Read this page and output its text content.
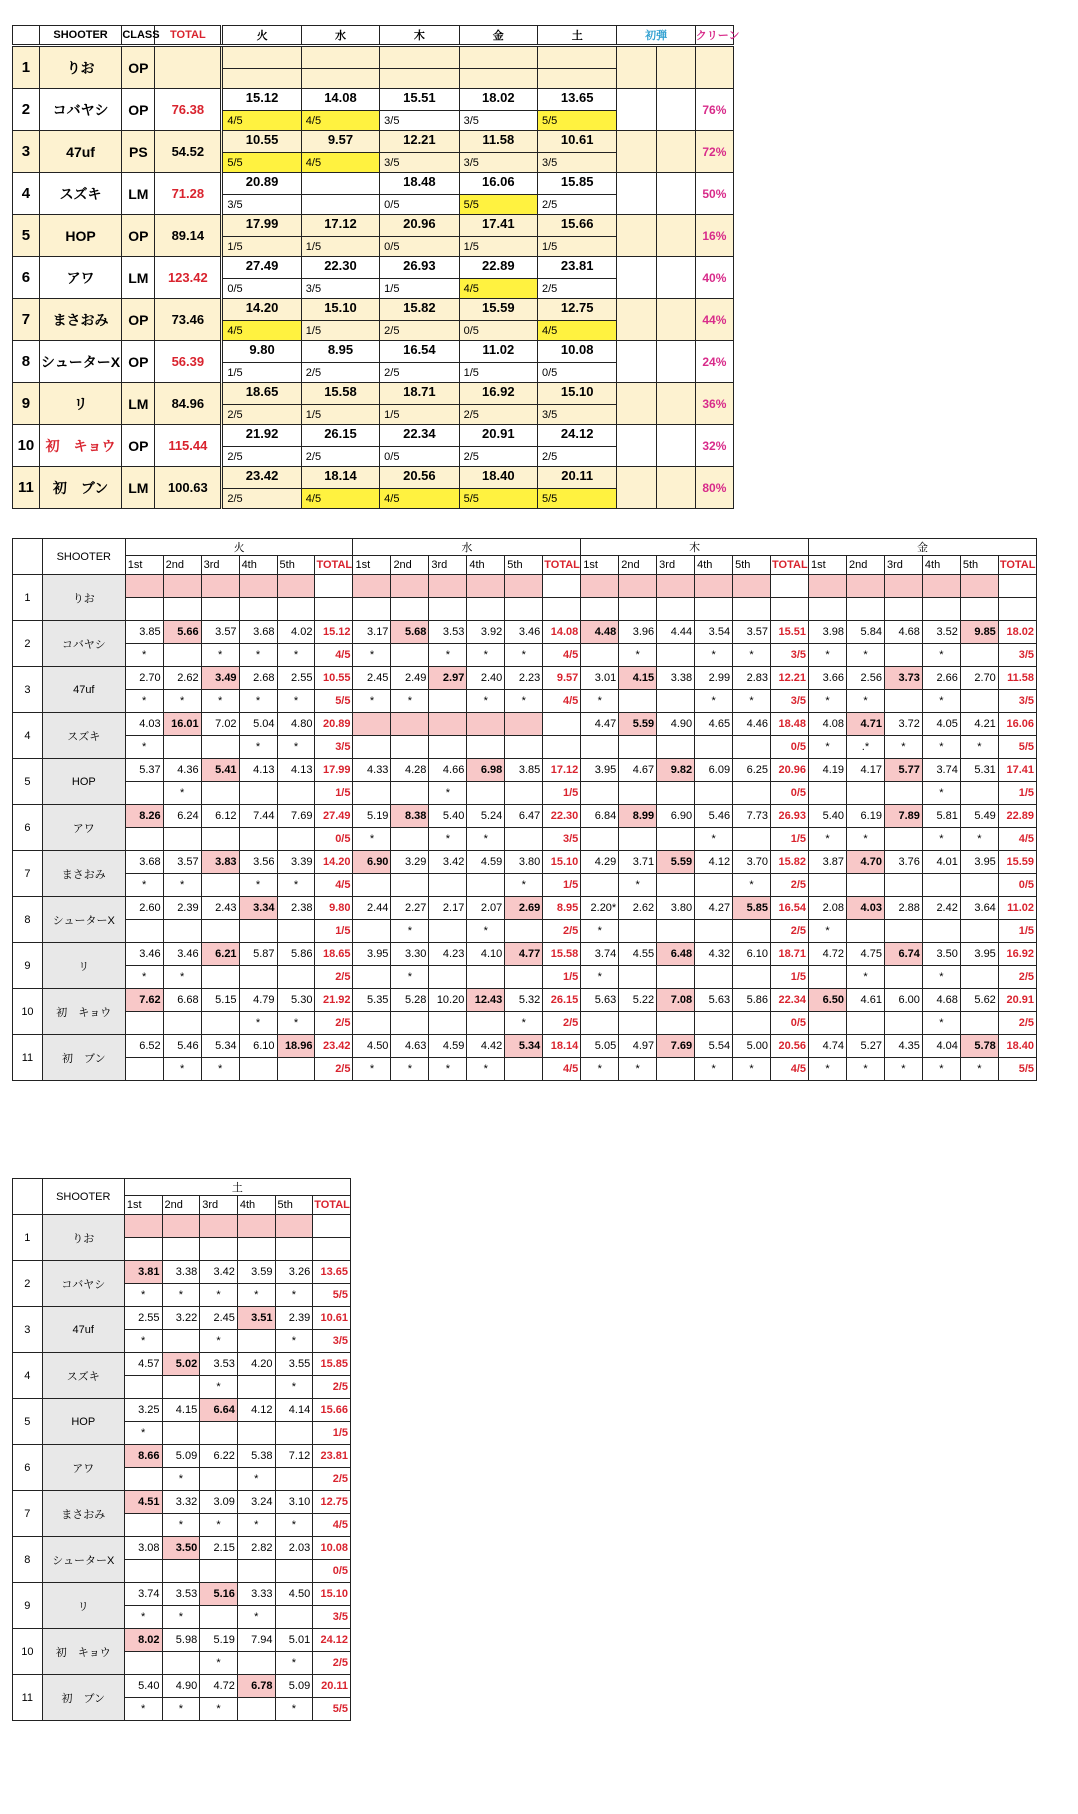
	SHOOTER	CLASS	TOTAL	火	水	木	金	土	初弾		クリーン
1	りお	OP									

2	コバヤシ	OP	76.38	15.12	14.08	15.51	18.02	13.65			76%
				4/5	4/5	3/5	3/5	5/5			
3	47uf	PS	54.52	10.55	9.57	12.21	11.58	10.61			72%
				5/5	4/5	3/5	3/5	3/5			
4	スズキ	LM	71.28	20.89		18.48	16.06	15.85			50%
				3/5		0/5	5/5	2/5			
5	HOP	OP	89.14	17.99	17.12	20.96	17.41	15.66			16%
				1/5	1/5	0/5	1/5	1/5			
6	アワ	LM	123.42	27.49	22.30	26.93	22.89	23.81			40%
				0/5	3/5	1/5	4/5	2/5			
7	まさおみ	OP	73.46	14.20	15.10	15.82	15.59	12.75			44%
				4/5	1/5	2/5	0/5	4/5			
8	シューターX	OP	56.39	9.80	8.95	16.54	11.02	10.08			24%
				1/5	2/5	2/5	1/5	0/5			
9	リ	LM	84.96	18.65	15.58	18.71	16.92	15.10			36%
				2/5	1/5	1/5	2/5	3/5			
10	初　キョウ	OP	115.44	21.92	26.15	22.34	20.91	24.12			32%
				2/5	2/5	0/5	2/5	2/5			
11	初　ブン	LM	100.63	23.42	18.14	20.56	18.40	20.11			80%
				2/5	4/5	4/5	5/5	5/5			
	SHOOTER	火						水						木						金					
		1st	2nd	3rd	4th	5th	TOTAL	1st	2nd	3rd	4th	5th	TOTAL	1st	2nd	3rd	4th	5th	TOTAL	1st	2nd	3rd	4th	5th	TOTAL
1	りお																								

2	コバヤシ	3.85	5.66	3.57	3.68	4.02	15.12	3.17	5.68	3.53	3.92	3.46	14.08	4.48	3.96	4.44	3.54	3.57	15.51	3.98	5.84	4.68	3.52	9.85	18.02
		*		*	*	*	4/5	*		*	*	*	4/5		*		*	*	3/5	*	*		*		3/5
3	47uf	2.70	2.62	3.49	2.68	2.55	10.55	2.45	2.49	2.97	2.40	2.23	9.57	3.01	4.15	3.38	2.99	2.83	12.21	3.66	2.56	3.73	2.66	2.70	11.58
		*	*	*	*	*	5/5	*	*		*	*	4/5	*			*	*	3/5	*	*		*		3/5
4	スズキ	4.03	16.01	7.02	5.04	4.80	20.89							4.47	5.59	4.90	4.65	4.46	18.48	4.08	4.71	3.72	4.05	4.21	16.06
		*			*	*	3/5												0/5	*	.*	*	*	*	5/5
5	HOP	5.37	4.36	5.41	4.13	4.13	17.99	4.33	4.28	4.66	6.98	3.85	17.12	3.95	4.67	9.82	6.09	6.25	20.96	4.19	4.17	5.77	3.74	5.31	17.41
			*				1/5			*			1/5						0/5				*		1/5
6	アワ	8.26	6.24	6.12	7.44	7.69	27.49	5.19	8.38	5.40	5.24	6.47	22.30	6.84	8.99	6.90	5.46	7.73	26.93	5.40	6.19	7.89	5.81	5.49	22.89
							0/5	*		*	*		3/5				*		1/5	*	*		*	*	4/5
7	まさおみ	3.68	3.57	3.83	3.56	3.39	14.20	6.90	3.29	3.42	4.59	3.80	15.10	4.29	3.71	5.59	4.12	3.70	15.82	3.87	4.70	3.76	4.01	3.95	15.59
		*	*		*	*	4/5					*	1/5		*			*	2/5						0/5
8	シューターX	2.60	2.39	2.43	3.34	2.38	9.80	2.44	2.27	2.17	2.07	2.69	8.95	2.20*	2.62	3.80	4.27	5.85	16.54	2.08	4.03	2.88	2.42	3.64	11.02
							1/5		*		*		2/5	*					2/5	*					1/5
9	リ	3.46	3.46	6.21	5.87	5.86	18.65	3.95	3.30	4.23	4.10	4.77	15.58	3.74	4.55	6.48	4.32	6.10	18.71	4.72	4.75	6.74	3.50	3.95	16.92
		*	*				2/5		*				1/5	*					1/5		*		*		2/5
10	初　キョウ	7.62	6.68	5.15	4.79	5.30	21.92	5.35	5.28	10.20	12.43	5.32	26.15	5.63	5.22	7.08	5.63	5.86	22.34	6.50	4.61	6.00	4.68	5.62	20.91
					*	*	2/5					*	2/5						0/5				*		2/5
11	初　ブン	6.52	5.46	5.34	6.10	18.96	23.42	4.50	4.63	4.59	4.42	5.34	18.14	5.05	4.97	7.69	5.54	5.00	20.56	4.74	5.27	4.35	4.04	5.78	18.40
			*	*			2/5	*	*	*	*		4/5	*	*		*	*	4/5	*	*	*	*	*	5/5
	SHOOTER	土					
		1st	2nd	3rd	4th	5th	TOTAL
1	りお						

2	コバヤシ	3.81	3.38	3.42	3.59	3.26	13.65
		*	*	*	*	*	5/5
3	47uf	2.55	3.22	2.45	3.51	2.39	10.61
		*		*		*	3/5
4	スズキ	4.57	5.02	3.53	4.20	3.55	15.85
				*		*	2/5
5	HOP	3.25	4.15	6.64	4.12	4.14	15.66
		*					1/5
6	アワ	8.66	5.09	6.22	5.38	7.12	23.81
			*		*		2/5
7	まさおみ	4.51	3.32	3.09	3.24	3.10	12.75
			*	*	*	*	4/5
8	シューターX	3.08	3.50	2.15	2.82	2.03	10.08
							0/5
9	リ	3.74	3.53	5.16	3.33	4.50	15.10
		*	*		*		3/5
10	初　キョウ	8.02	5.98	5.19	7.94	5.01	24.12
				*		*	2/5
11	初　ブン	5.40	4.90	4.72	6.78	5.09	20.11
		*	*	*		*	5/5
